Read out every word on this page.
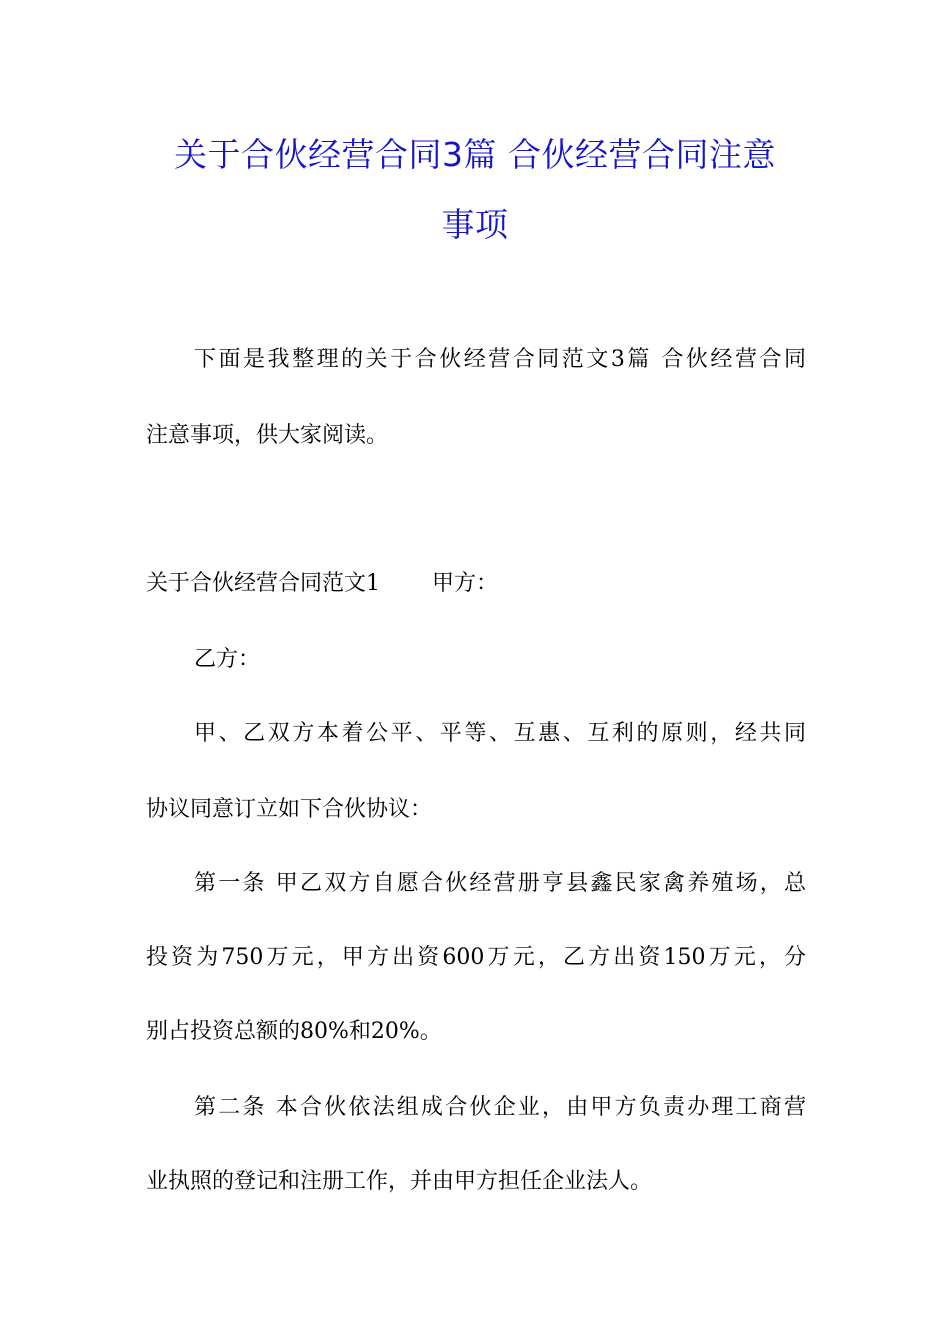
关于合伙经营合同3篇 合伙经营合同注意
事项
下面是我整理的关于合伙经营合同范文3篇 合伙经营合同
注意事项，供大家阅读。
关于合伙经营合同范文1 甲方：
乙方：
甲、乙双方本着公平、平等、互惠、互利的原则，经共同
协议同意订立如下合伙协议：
第一条 甲乙双方自愿合伙经营册亨县鑫民家禽养殖场，总
投资为750万元，甲方出资600万元，乙方出资150万元，分
别占投资总额的80%和20%。
第二条 本合伙依法组成合伙企业，由甲方负责办理工商营
业执照的登记和注册工作，并由甲方担任企业法人。
